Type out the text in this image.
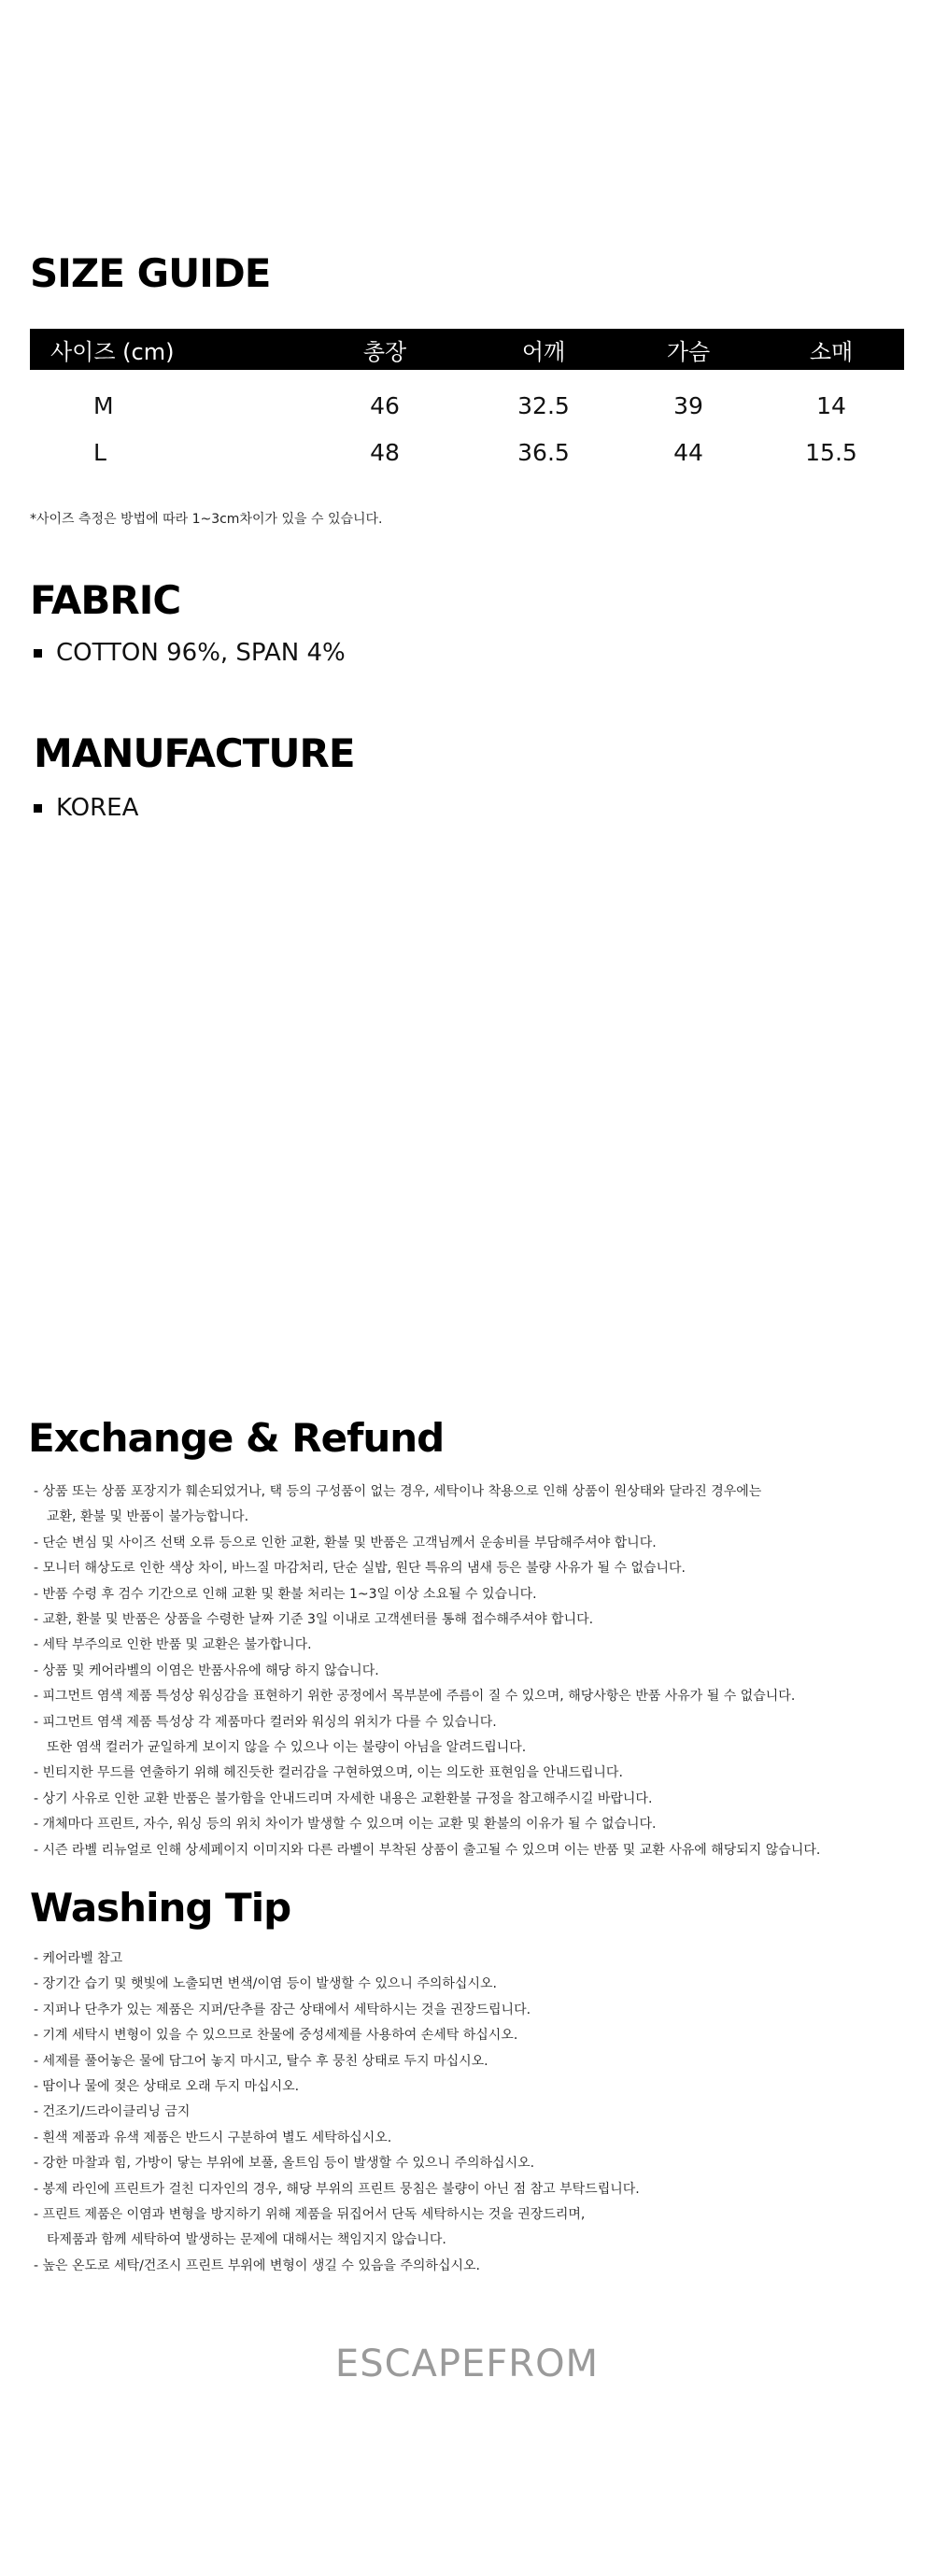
SIZE GUIDE
사이즈 (cm)	총장	어깨	가슴	소매
M	46	32.5	39	14
L	48	36.5	44	15.5

*사이즈 측정은 방법에 따라 1~3cm차이가 있을 수 있습니다.

FABRIC
COTTON 96%, SPAN 4%
MANUFACTURE
KOREA
Exchange & Refund
- 상품 또는 상품 포장지가 훼손되었거나, 택 등의 구성품이 없는 경우, 세탁이나 착용으로 인해 상품이 원상태와 달라진 경우에는
교환, 환불 및 반품이 불가능합니다.
- 단순 변심 및 사이즈 선택 오류 등으로 인한 교환, 환불 및 반품은 고객님께서 운송비를 부담해주셔야 합니다.
- 모니터 해상도로 인한 색상 차이, 바느질 마감처리, 단순 실밥, 원단 특유의 냄새 등은 불량 사유가 될 수 없습니다.
- 반품 수령 후 검수 기간으로 인해 교환 및 환불 처리는 1~3일 이상 소요될 수 있습니다.
- 교환, 환불 및 반품은 상품을 수령한 날짜 기준 3일 이내로 고객센터를 통해 접수해주셔야 합니다.
- 세탁 부주의로 인한 반품 및 교환은 불가합니다.
- 상품 및 케어라벨의 이염은 반품사유에 해당 하지 않습니다.
- 피그먼트 염색 제품 특성상 워싱감을 표현하기 위한 공정에서 목부분에 주름이 질 수 있으며, 해당사항은 반품 사유가 될 수 없습니다.
- 피그먼트 염색 제품 특성상 각 제품마다 컬러와 워싱의 위치가 다를 수 있습니다.
또한 염색 컬러가 균일하게 보이지 않을 수 있으나 이는 불량이 아님을 알려드립니다.
- 빈티지한 무드를 연출하기 위해 헤진듯한 컬러감을 구현하였으며, 이는 의도한 표현임을 안내드립니다.
- 상기 사유로 인한 교환 반품은 불가함을 안내드리며 자세한 내용은 교환환불 규정을 참고해주시길 바랍니다.
- 개체마다 프린트, 자수, 워싱 등의 위치 차이가 발생할 수 있으며 이는 교환 및 환불의 이유가 될 수 없습니다.
- 시즌 라벨 리뉴얼로 인해 상세페이지 이미지와 다른 라벨이 부착된 상품이 출고될 수 있으며 이는 반품 및 교환 사유에 해당되지 않습니다.
Washing Tip
- 케어라벨 참고
- 장기간 습기 및 햇빛에 노출되면 변색/이염 등이 발생할 수 있으니 주의하십시오.
- 지퍼나 단추가 있는 제품은 지퍼/단추를 잠근 상태에서 세탁하시는 것을 권장드립니다.
- 기계 세탁시 변형이 있을 수 있으므로 찬물에 중성세제를 사용하여 손세탁 하십시오.
- 세제를 풀어놓은 물에 담그어 놓지 마시고, 탈수 후 뭉친 상태로 두지 마십시오.
- 땀이나 물에 젖은 상태로 오래 두지 마십시오.
- 건조기/드라이클리닝 금지
- 흰색 제품과 유색 제품은 반드시 구분하여 별도 세탁하십시오.
- 강한 마찰과 힘, 가방이 닿는 부위에 보풀, 올트임 등이 발생할 수 있으니 주의하십시오.
- 봉제 라인에 프린트가 걸친 디자인의 경우, 해당 부위의 프린트 뭉침은 불량이 아닌 점 참고 부탁드립니다.
- 프린트 제품은 이염과 변형을 방지하기 위해 제품을 뒤집어서 단독 세탁하시는 것을 권장드리며,
타제품과 함께 세탁하여 발생하는 문제에 대해서는 책임지지 않습니다.
- 높은 온도로 세탁/건조시 프린트 부위에 변형이 생길 수 있음을 주의하십시오.
ESCAPEFROM
